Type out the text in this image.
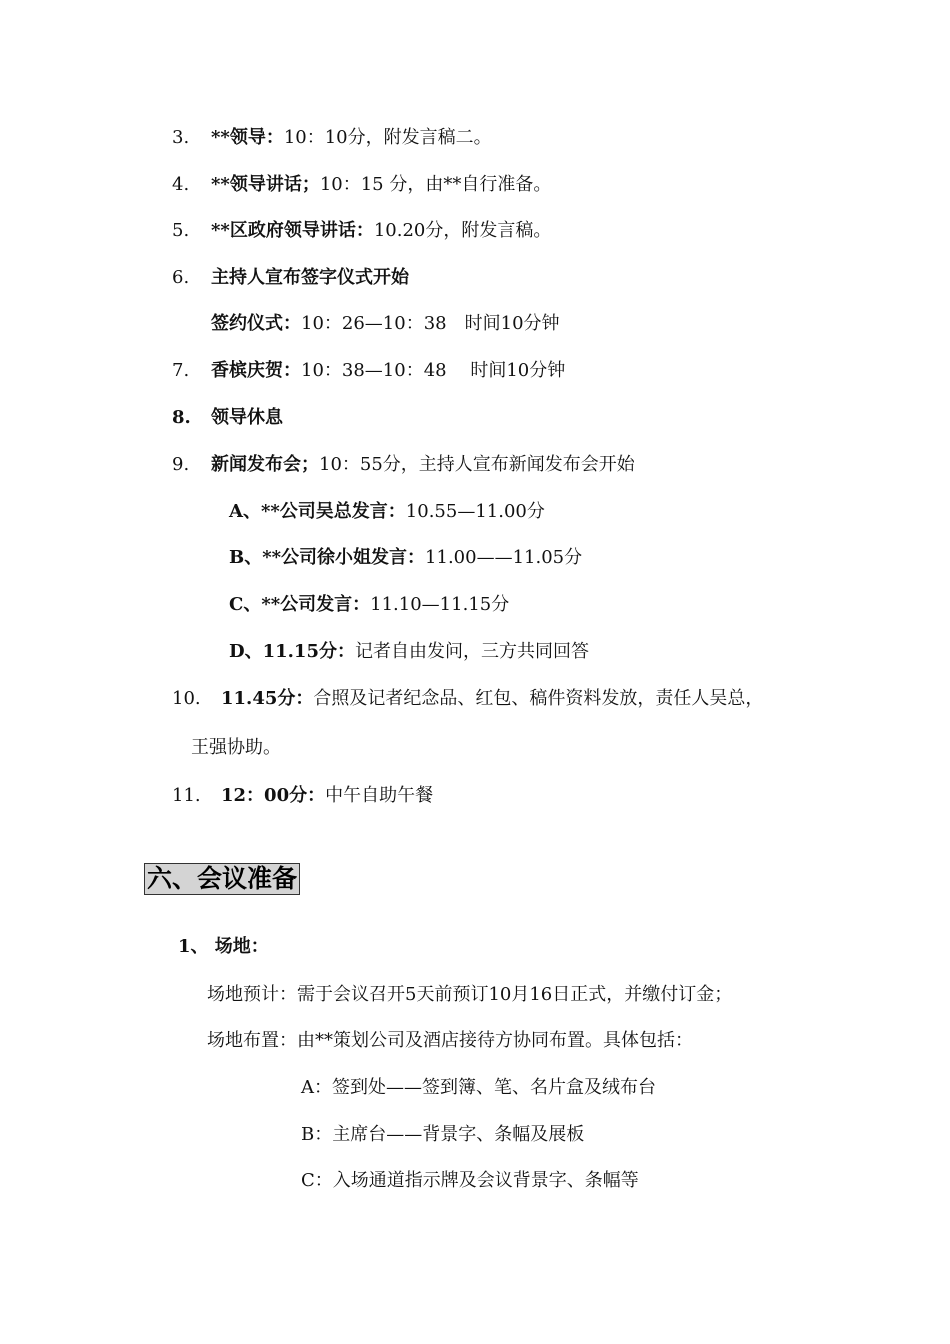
3. **领导：10：10分，附发言稿二。
4. **领导讲话；10：15 分，由**自行准备。
5. **区政府领导讲话：10.20分，附发言稿。
6. 主持人宣布签字仪式开始
签约仪式：10：26—10：38　时间10分钟
7. 香槟庆贺：10：38—10：48　 时间10分钟
8. 领导休息
9. 新闻发布会；10：55分，主持人宣布新闻发布会开始
A、**公司吴总发言：10.55—11.00分
B、**公司徐小姐发言：11.00——11.05分
C、**公司发言：11.10—11.15分
D、11.15分：记者自由发问，三方共同回答
10. 11.45分：合照及记者纪念品、红包、稿件资料发放，责任人吴总，
王强协助。
11. 12：00分：中午自助午餐
六、会议准备
1、 场地：
场地预计：需于会议召开5天前预订10月16日正式，并缴付订金；
场地布置：由**策划公司及酒店接待方协同布置。具体包括：
A：签到处——签到簿、笔、名片盒及绒布台
B：主席台——背景字、条幅及展板
C：入场通道指示牌及会议背景字、条幅等
